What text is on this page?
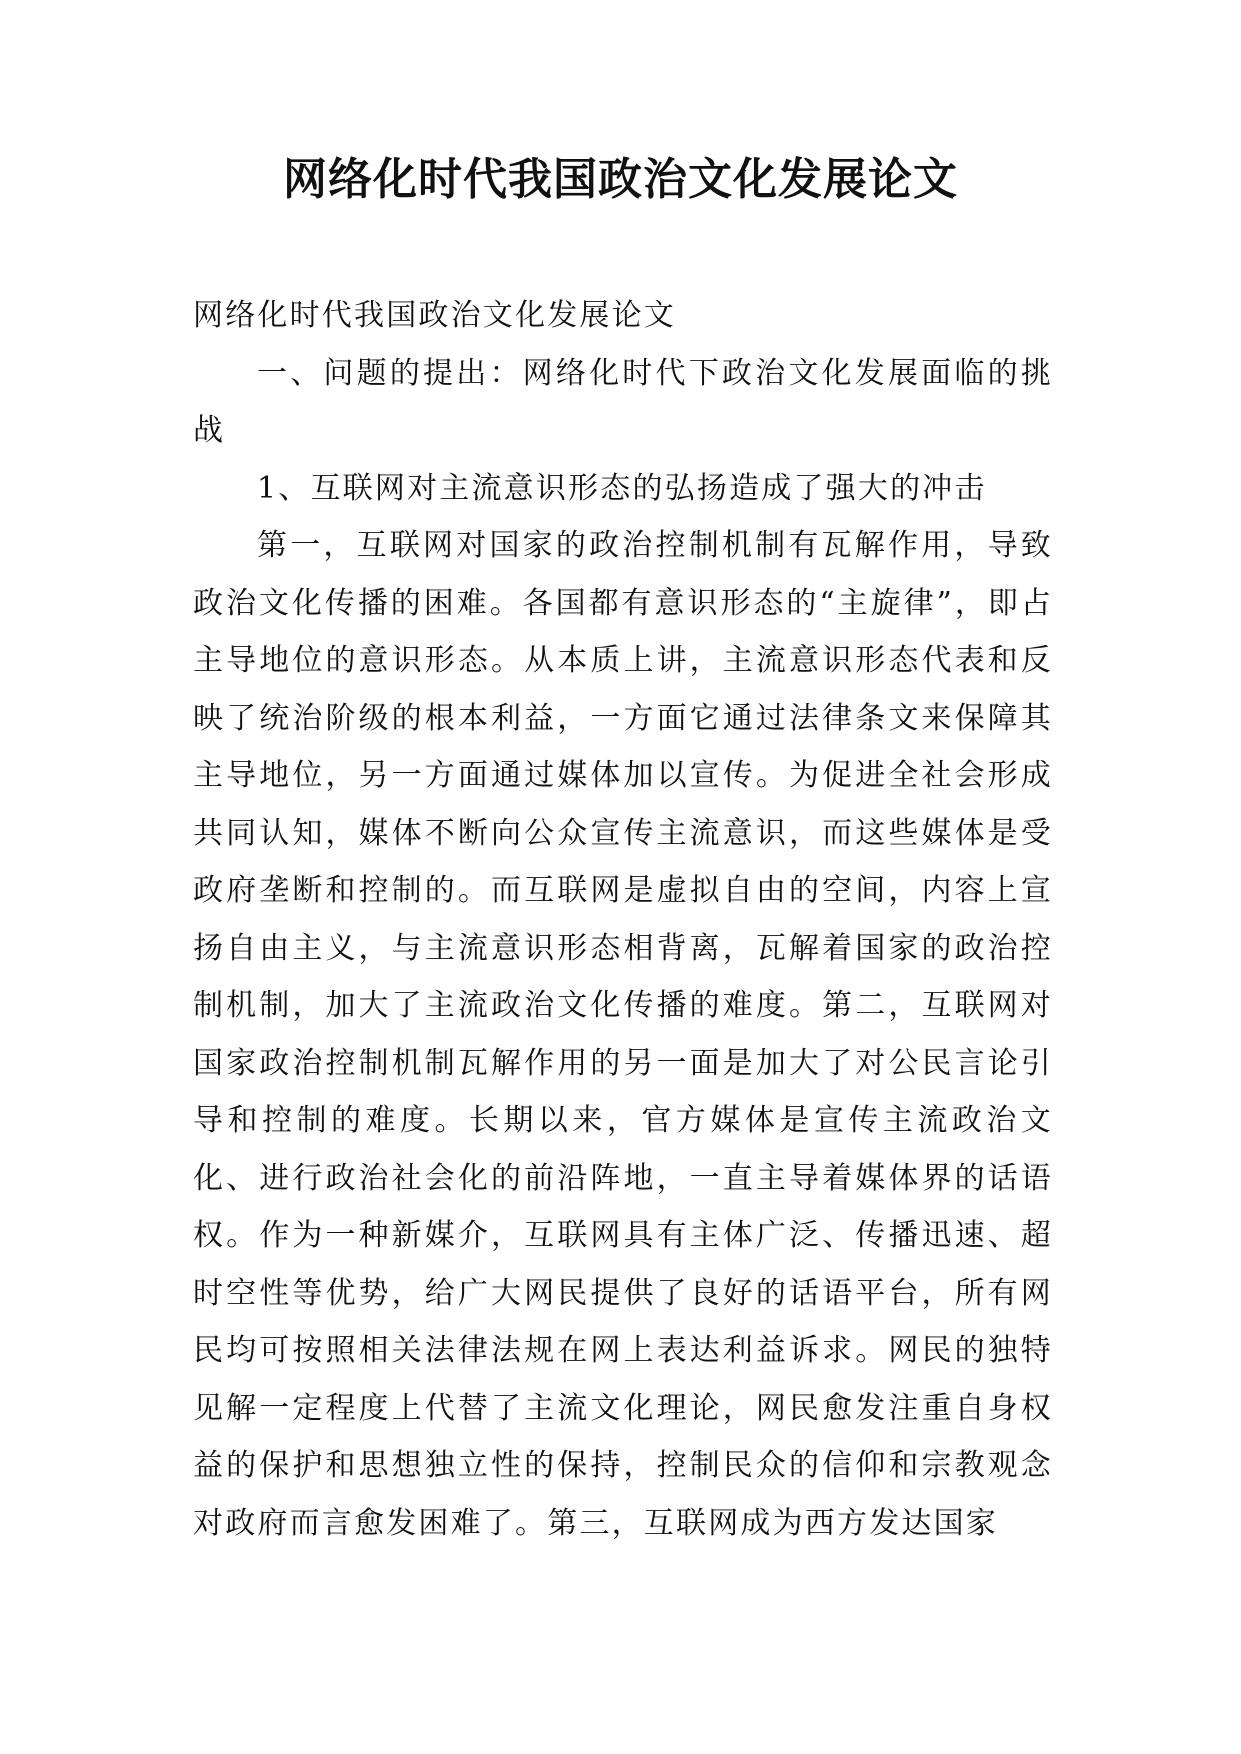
网络化时代我国政治文化发展论文

网络化时代我国政治文化发展论文

一、问题的提出：网络化时代下政治文化发展面临的挑战

1、互联网对主流意识形态的弘扬造成了强大的冲击

第一，互联网对国家的政治控制机制有瓦解作用，导致政治文化传播的困难。各国都有意识形态的“主旋律”，即占主导地位的意识形态。从本质上讲，主流意识形态代表和反映了统治阶级的根本利益，一方面它通过法律条文来保障其主导地位，另一方面通过媒体加以宣传。为促进全社会形成共同认知，媒体不断向公众宣传主流意识，而这些媒体是受政府垄断和控制的。而互联网是虚拟自由的空间，内容上宣扬自由主义，与主流意识形态相背离，瓦解着国家的政治控制机制，加大了主流政治文化传播的难度。第二，互联网对国家政治控制机制瓦解作用的另一面是加大了对公民言论引导和控制的难度。长期以来，官方媒体是宣传主流政治文化、进行政治社会化的前沿阵地，一直主导着媒体界的话语权。作为一种新媒介，互联网具有主体广泛、传播迅速、超时空性等优势，给广大网民提供了良好的话语平台，所有网民均可按照相关法律法规在网上表达利益诉求。网民的独特见解一定程度上代替了主流文化理论，网民愈发注重自身权益的保护和思想独立性的保持，控制民众的信仰和宗教观念对政府而言愈发困难了。第三，互联网成为西方发达国家
